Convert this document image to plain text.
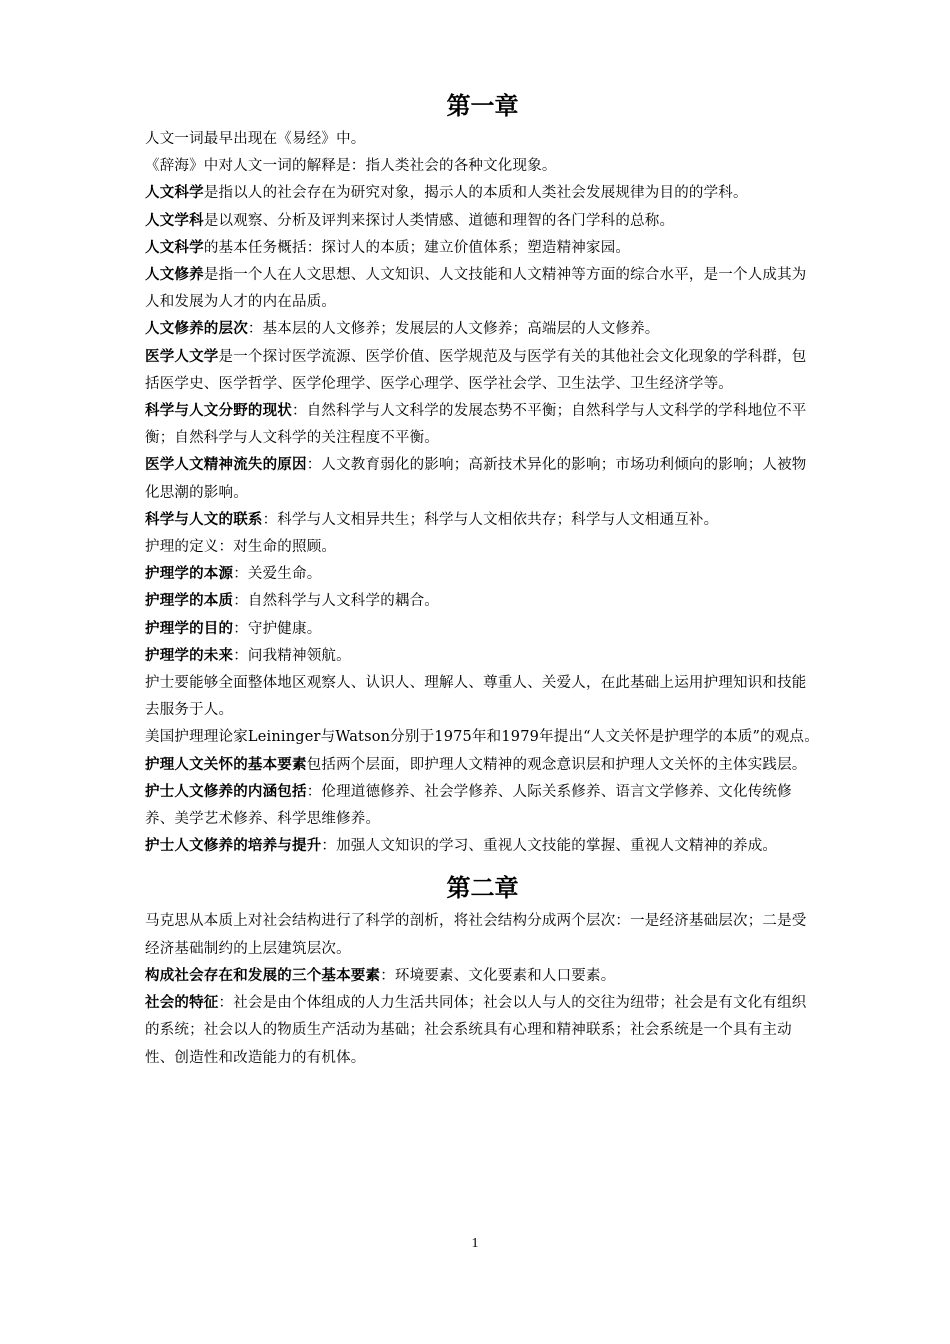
第一章

人文一词最早出现在《易经》中。

《辞海》中对人文一词的解释是：指人类社会的各种文化现象。

人文科学是指以人的社会存在为研究对象，揭示人的本质和人类社会发展规律为目的的学科。

人文学科是以观察、分析及评判来探讨人类情感、道德和理智的各门学科的总称。

人文科学的基本任务概括：探讨人的本质；建立价值体系；塑造精神家园。

人文修养是指一个人在人文思想、人文知识、人文技能和人文精神等方面的综合水平，是一个人成其为人和发展为人才的内在品质。

人文修养的层次：基本层的人文修养；发展层的人文修养；高端层的人文修养。

医学人文学是一个探讨医学流源、医学价值、医学规范及与医学有关的其他社会文化现象的学科群，包括医学史、医学哲学、医学伦理学、医学心理学、医学社会学、卫生法学、卫生经济学等。

科学与人文分野的现状：自然科学与人文科学的发展态势不平衡；自然科学与人文科学的学科地位不平衡；自然科学与人文科学的关注程度不平衡。

医学人文精神流失的原因：人文教育弱化的影响；高新技术异化的影响；市场功利倾向的影响；人被物化思潮的影响。

科学与人文的联系：科学与人文相异共生；科学与人文相依共存；科学与人文相通互补。

护理的定义：对生命的照顾。

护理学的本源：关爱生命。

护理学的本质：自然科学与人文科学的耦合。

护理学的目的：守护健康。

护理学的未来：问我精神领航。

护士要能够全面整体地区观察人、认识人、理解人、尊重人、关爱人，在此基础上运用护理知识和技能去服务于人。

美国护理理论家Leininger与Watson分别于1975年和1979年提出“人文关怀是护理学的本质”的观点。

护理人文关怀的基本要素包括两个层面，即护理人文精神的观念意识层和护理人文关怀的主体实践层。

护士人文修养的内涵包括：伦理道德修养、社会学修养、人际关系修养、语言文学修养、文化传统修养、美学艺术修养、科学思维修养。

护士人文修养的培养与提升：加强人文知识的学习、重视人文技能的掌握、重视人文精神的养成。

第二章

马克思从本质上对社会结构进行了科学的剖析，将社会结构分成两个层次：一是经济基础层次；二是受经济基础制约的上层建筑层次。

构成社会存在和发展的三个基本要素：环境要素、文化要素和人口要素。

社会的特征：社会是由个体组成的人力生活共同体；社会以人与人的交往为纽带；社会是有文化有组织的系统；社会以人的物质生产活动为基础；社会系统具有心理和精神联系；社会系统是一个具有主动性、创造性和改造能力的有机体。

1
